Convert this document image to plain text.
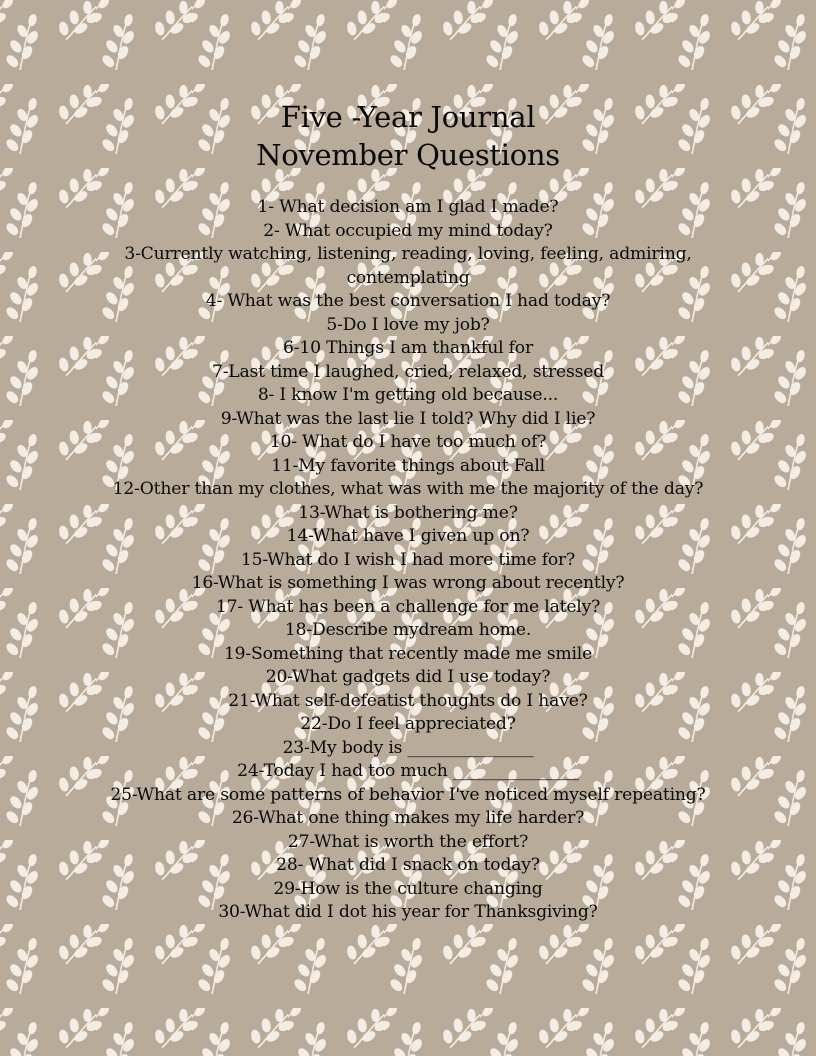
Five -Year Journal
November Questions
1- What decision am I glad I made?
2- What occupied my mind today?
3-Currently watching, listening, reading, loving, feeling, admiring, contemplating
4- What was the best conversation I had today?
5-Do I love my job?
6-10 Things I am thankful for
7-Last time I laughed, cried, relaxed, stressed
8- I know I'm getting old because...
9-What was the last lie I told? Why did I lie?
10- What do I have too much of?
11-My favorite things about Fall
12-Other than my clothes, what was with me the majority of the day?
13-What is bothering me?
14-What have I given up on?
15-What do I wish I had more time for?
16-What is something I was wrong about recently?
17- What has been a challenge for me lately?
18-Describe mydream home.
19-Something that recently made me smile
20-What gadgets did I use today?
21-What self-defeatist thoughts do I have?
22-Do I feel appreciated?
23-My body is _______________
24-Today I had too much _______________
25-What are some patterns of behavior I've noticed myself repeating?
26-What one thing makes my life harder?
27-What is worth the effort?
28- What did I snack on today?
29-How is the culture changing
30-What did I dot his year for Thanksgiving?
